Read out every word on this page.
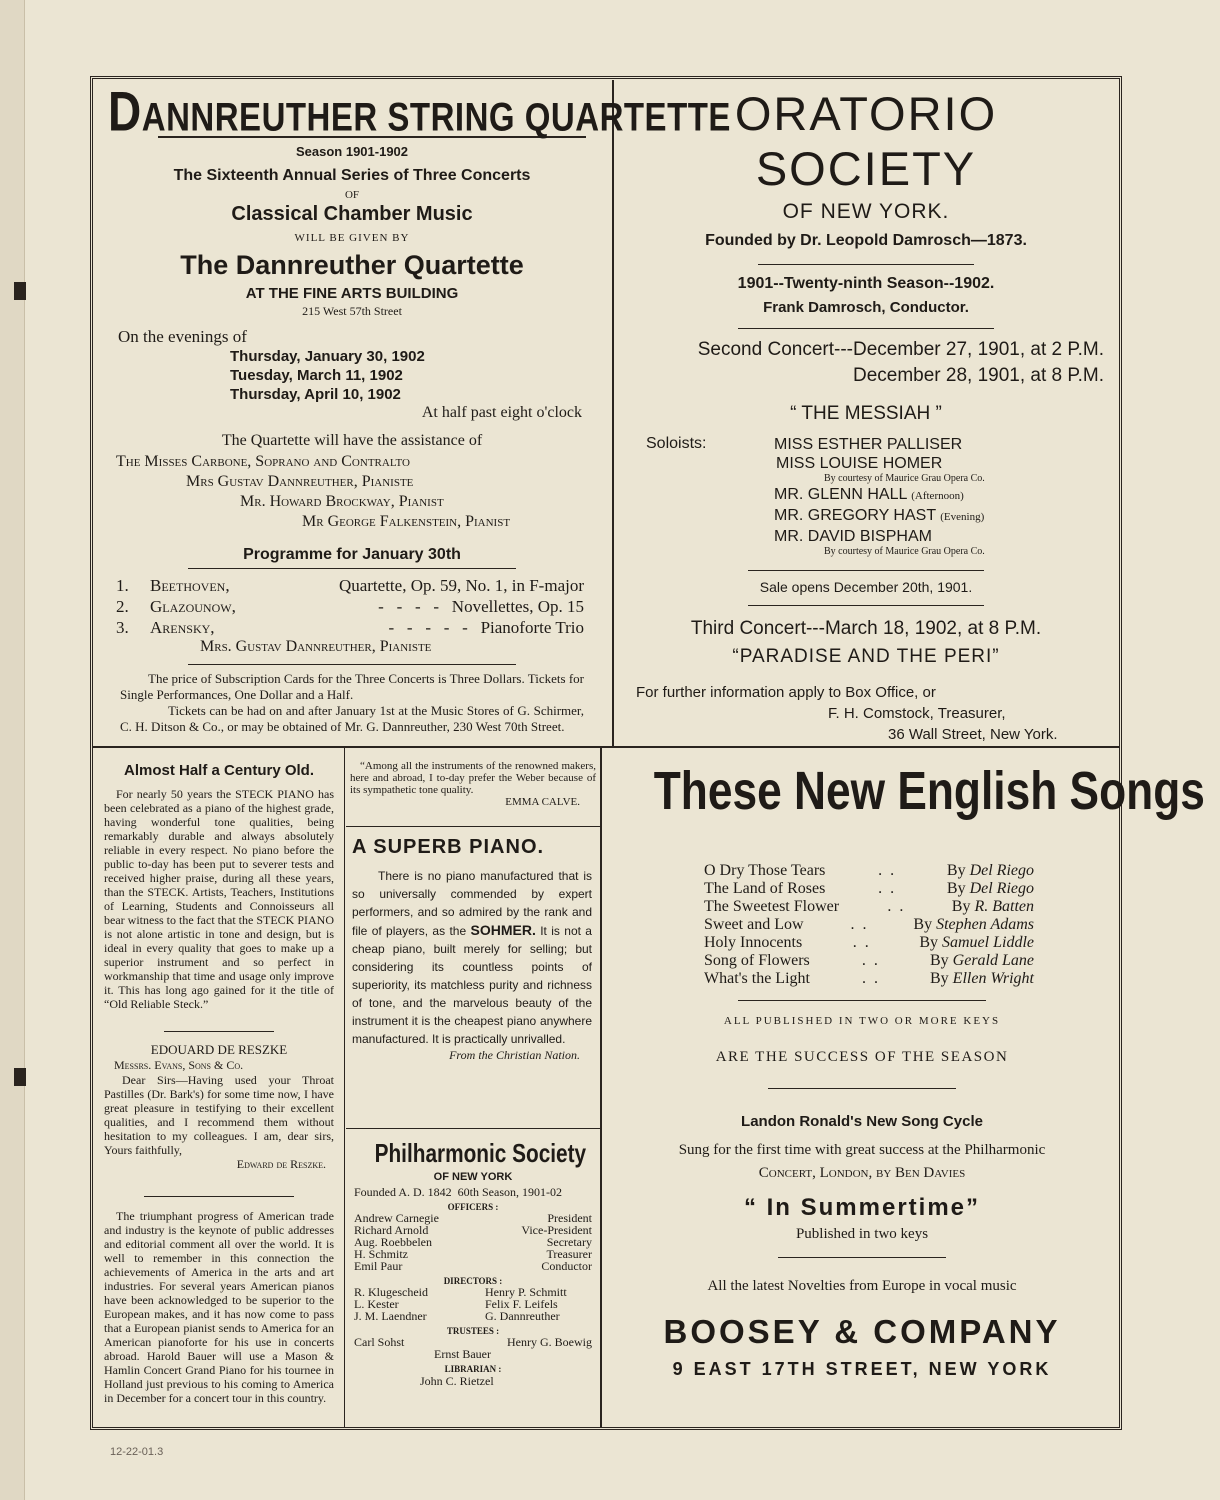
DANNREUTHER STRING QUARTETTE
Season 1901-1902
The Sixteenth Annual Series of Three Concerts
OF
Classical Chamber Music
WILL BE GIVEN BY
The Dannreuther Quartette
AT THE FINE ARTS BUILDING
215 West 57th Street
On the evenings of
Thursday, January 30, 1902
Tuesday, March 11, 1902
Thursday, April 10, 1902
At half past eight o'clock
The Quartette will have the assistance of
The Misses Carbone, Soprano and Contralto
Mrs Gustav Dannreuther, Pianiste
Mr. Howard Brockway, Pianist
Mr George Falkenstein, Pianist
Programme for January 30th
1.	Beethoven,	Quartette, Op. 59, No. 1, in F-major
2.	Glazounow,	-   -   -   -   Novellettes, Op. 15
3.	Arensky,	-   -   -   -   -   Pianoforte Trio
Mrs. Gustav Dannreuther, Pianiste

The price of Subscription Cards for the Three Concerts is Three Dollars. Tickets for Single Performances, One Dollar and a Half.

Tickets can be had on and after January 1st at the Music Stores of G. Schirmer, C. H. Ditson & Co., or may be obtained of Mr. G. Dannreuther, 230 West 70th Street.

ORATORIO SOCIETY
OF NEW YORK.
Founded by Dr. Leopold Damrosch—1873.
1901--Twenty-ninth Season--1902.
Frank Damrosch, Conductor.
Second Concert---December 27, 1901, at 2 P.M.
December 28, 1901, at 8 P.M.
“ THE MESSIAH ”
Soloists:	MISS ESTHER PALLISER
MISS LOUISE HOMER
By courtesy of Maurice Grau Opera Co.
MR. GLENN HALL (Afternoon)
MR. GREGORY HAST (Evening)
MR. DAVID BISPHAM
By courtesy of Maurice Grau Opera Co.
Sale opens December 20th, 1901.
Third Concert---March 18, 1902, at 8 P.M.
“PARADISE AND THE PERI”
For further information apply to Box Office, or
F. H. Comstock, Treasurer,
36 Wall Street, New York.
Almost Half a Century Old.

For nearly 50 years the STECK PIANO has been celebrated as a piano of the highest grade, having wonderful tone qualities, being remarkably durable and always absolutely reliable in every respect. No piano before the public to-day has been put to severer tests and received higher praise, during all these years, than the STECK. Artists, Teachers, Institutions of Learning, Students and Connoisseurs all bear witness to the fact that the STECK PIANO is not alone artistic in tone and design, but is ideal in every quality that goes to make up a superior instrument and so perfect in workmanship that time and usage only improve it. This has long ago gained for it the title of “Old Reliable Steck.”

EDOUARD DE RESZKE
Messrs. Evans, Sons & Co.

Dear Sirs—Having used your Throat Pastilles (Dr. Bark's) for some time now, I have great pleasure in testifying to their excellent qualities, and I recommend them without hesitation to my colleagues. I am, dear sirs, Yours faithfully,

Edward de Reszke.

The triumphant progress of American trade and industry is the keynote of public addresses and editorial comment all over the world. It is well to remember in this connection the achievements of America in the arts and art industries. For several years American pianos have been acknowledged to be superior to the European makes, and it has now come to pass that a European pianist sends to America for an American pianoforte for his use in concerts abroad. Harold Bauer will use a Mason & Hamlin Concert Grand Piano for his tournee in Holland just previous to his coming to America in December for a concert tour in this country.

“Among all the instruments of the renowned makers, here and abroad, I to-day prefer the Weber because of its sympathetic tone quality.

EMMA CALVE.
A SUPERB PIANO.

There is no piano manufactured that is so universally commended by expert performers, and so admired by the rank and file of players, as the SOHMER. It is not a cheap piano, built merely for selling; but considering its countless points of superiority, its matchless purity and richness of tone, and the marvelous beauty of the instrument it is the cheapest piano anywhere manufactured. It is practically unrivalled.

From the Christian Nation.
Philharmonic Society
OF NEW YORK
Founded A. D. 1842  60th Season, 1901-02
OFFICERS :
Andrew Carnegie	President
Richard Arnold	Vice-President
Aug. Roebbelen	Secretary
H. Schmitz	Treasurer
Emil Paur	Conductor
DIRECTORS :
R. Klugescheid	Henry P. Schmitt
L. Kester	Felix F. Leifels
J. M. Laendner	G. Dannreuther
TRUSTEES :
Carl Sohst	Henry G. Boewig
Ernst Bauer
LIBRARIAN :
John C. Rietzel
These New English Songs
O Dry Those Tears	.  .	By Del Riego
The Land of Roses	.  .	By Del Riego
The Sweetest Flower	.  .	By R. Batten
Sweet and Low	.  .	By Stephen Adams
Holy Innocents	.  .	By Samuel Liddle
Song of Flowers	.  .	By Gerald Lane
What's the Light	.  .	By Ellen Wright
ALL PUBLISHED IN TWO OR MORE KEYS
ARE THE SUCCESS OF THE SEASON
Landon Ronald's New Song Cycle
Sung for the first time with great success at the Philharmonic
Concert, London, by Ben Davies
“ In Summertime”
Published in two keys
All the latest Novelties from Europe in vocal music
BOOSEY & COMPANY
9 EAST 17TH STREET, NEW YORK
12-22-01.3
